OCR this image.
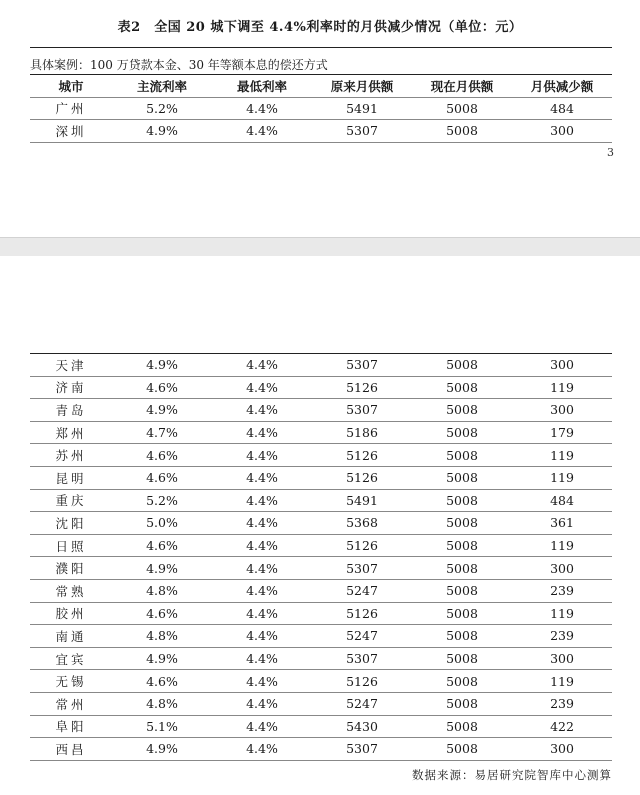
表2　全国 20 城下调至 4.4%利率时的月供减少情况（单位：元）
具体案例：100 万贷款本金、30 年等额本息的偿还方式
城市	主流利率	最低利率	原来月供额	现在月供额	月供减少额
广州	5.2%	4.4%	5491	5008	484
深圳	4.9%	4.4%	5307	5008	300
3
天津	4.9%	4.4%	5307	5008	300
济南	4.6%	4.4%	5126	5008	119
青岛	4.9%	4.4%	5307	5008	300
郑州	4.7%	4.4%	5186	5008	179
苏州	4.6%	4.4%	5126	5008	119
昆明	4.6%	4.4%	5126	5008	119
重庆	5.2%	4.4%	5491	5008	484
沈阳	5.0%	4.4%	5368	5008	361
日照	4.6%	4.4%	5126	5008	119
濮阳	4.9%	4.4%	5307	5008	300
常熟	4.8%	4.4%	5247	5008	239
胶州	4.6%	4.4%	5126	5008	119
南通	4.8%	4.4%	5247	5008	239
宜宾	4.9%	4.4%	5307	5008	300
无锡	4.6%	4.4%	5126	5008	119
常州	4.8%	4.4%	5247	5008	239
阜阳	5.1%	4.4%	5430	5008	422
西昌	4.9%	4.4%	5307	5008	300
数据来源：易居研究院智库中心测算
